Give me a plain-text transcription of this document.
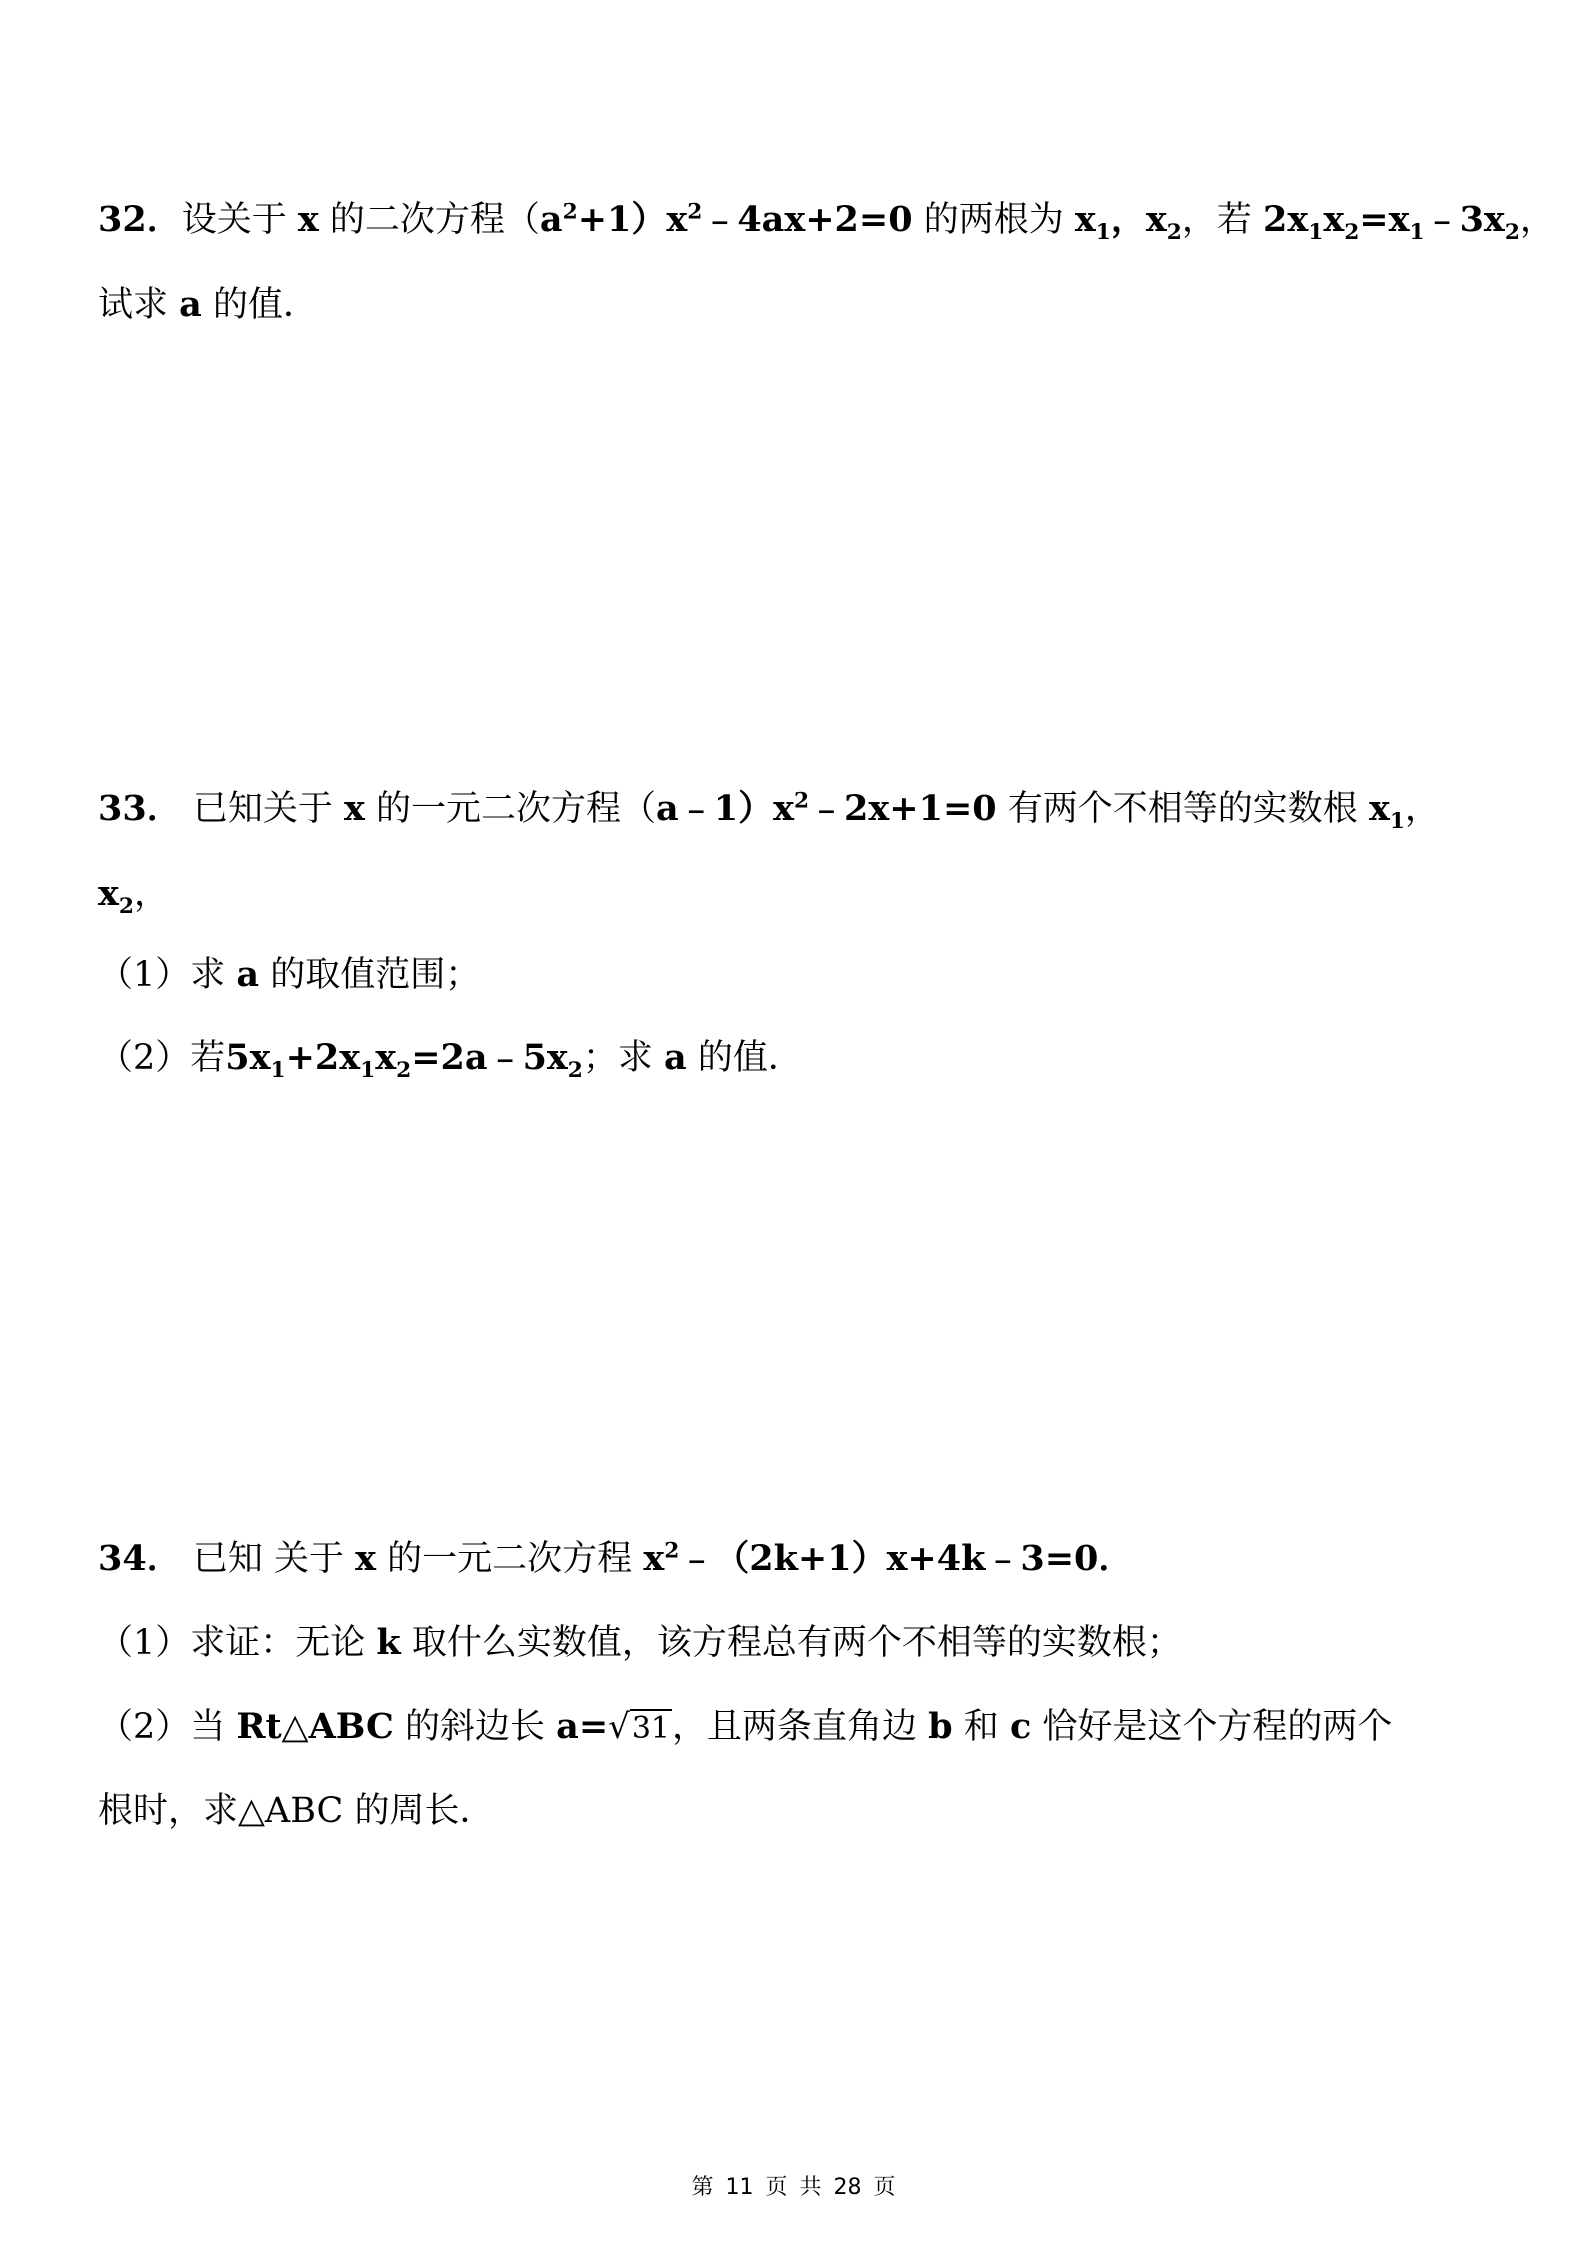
32．设关于 x 的二次方程$(a^2+1)x^2﹣4ax+2=0$ 的两根为 $x_1$，$x_2$，若 $2x_1x_2=x_1﹣3x_2$，
试求 a 的值．
33． 已知关于 x 的一元二次方程$(a﹣1)x^2﹣2x+1=0$ 有两个不相等的实数根 $x_1$，
$x_2$，
（1）求 a 的取值范围；
（2）若$5x_1+2x_1x_2=2a﹣5x_2$；求 a 的值．
34． 已知 关于 x 的一元二次方程 $x^2﹣(2k+1)x+4k﹣3=0$．
（1）求证：无论 k 取什么实数值，该方程总有两个不相等的实数根；
（2）当 Rt△ABC 的斜边长 a=√31，且两条直角边 b 和 c 恰好是这个方程的两个
根时，求△ABC 的周长．
第 11 页 共 28 页
